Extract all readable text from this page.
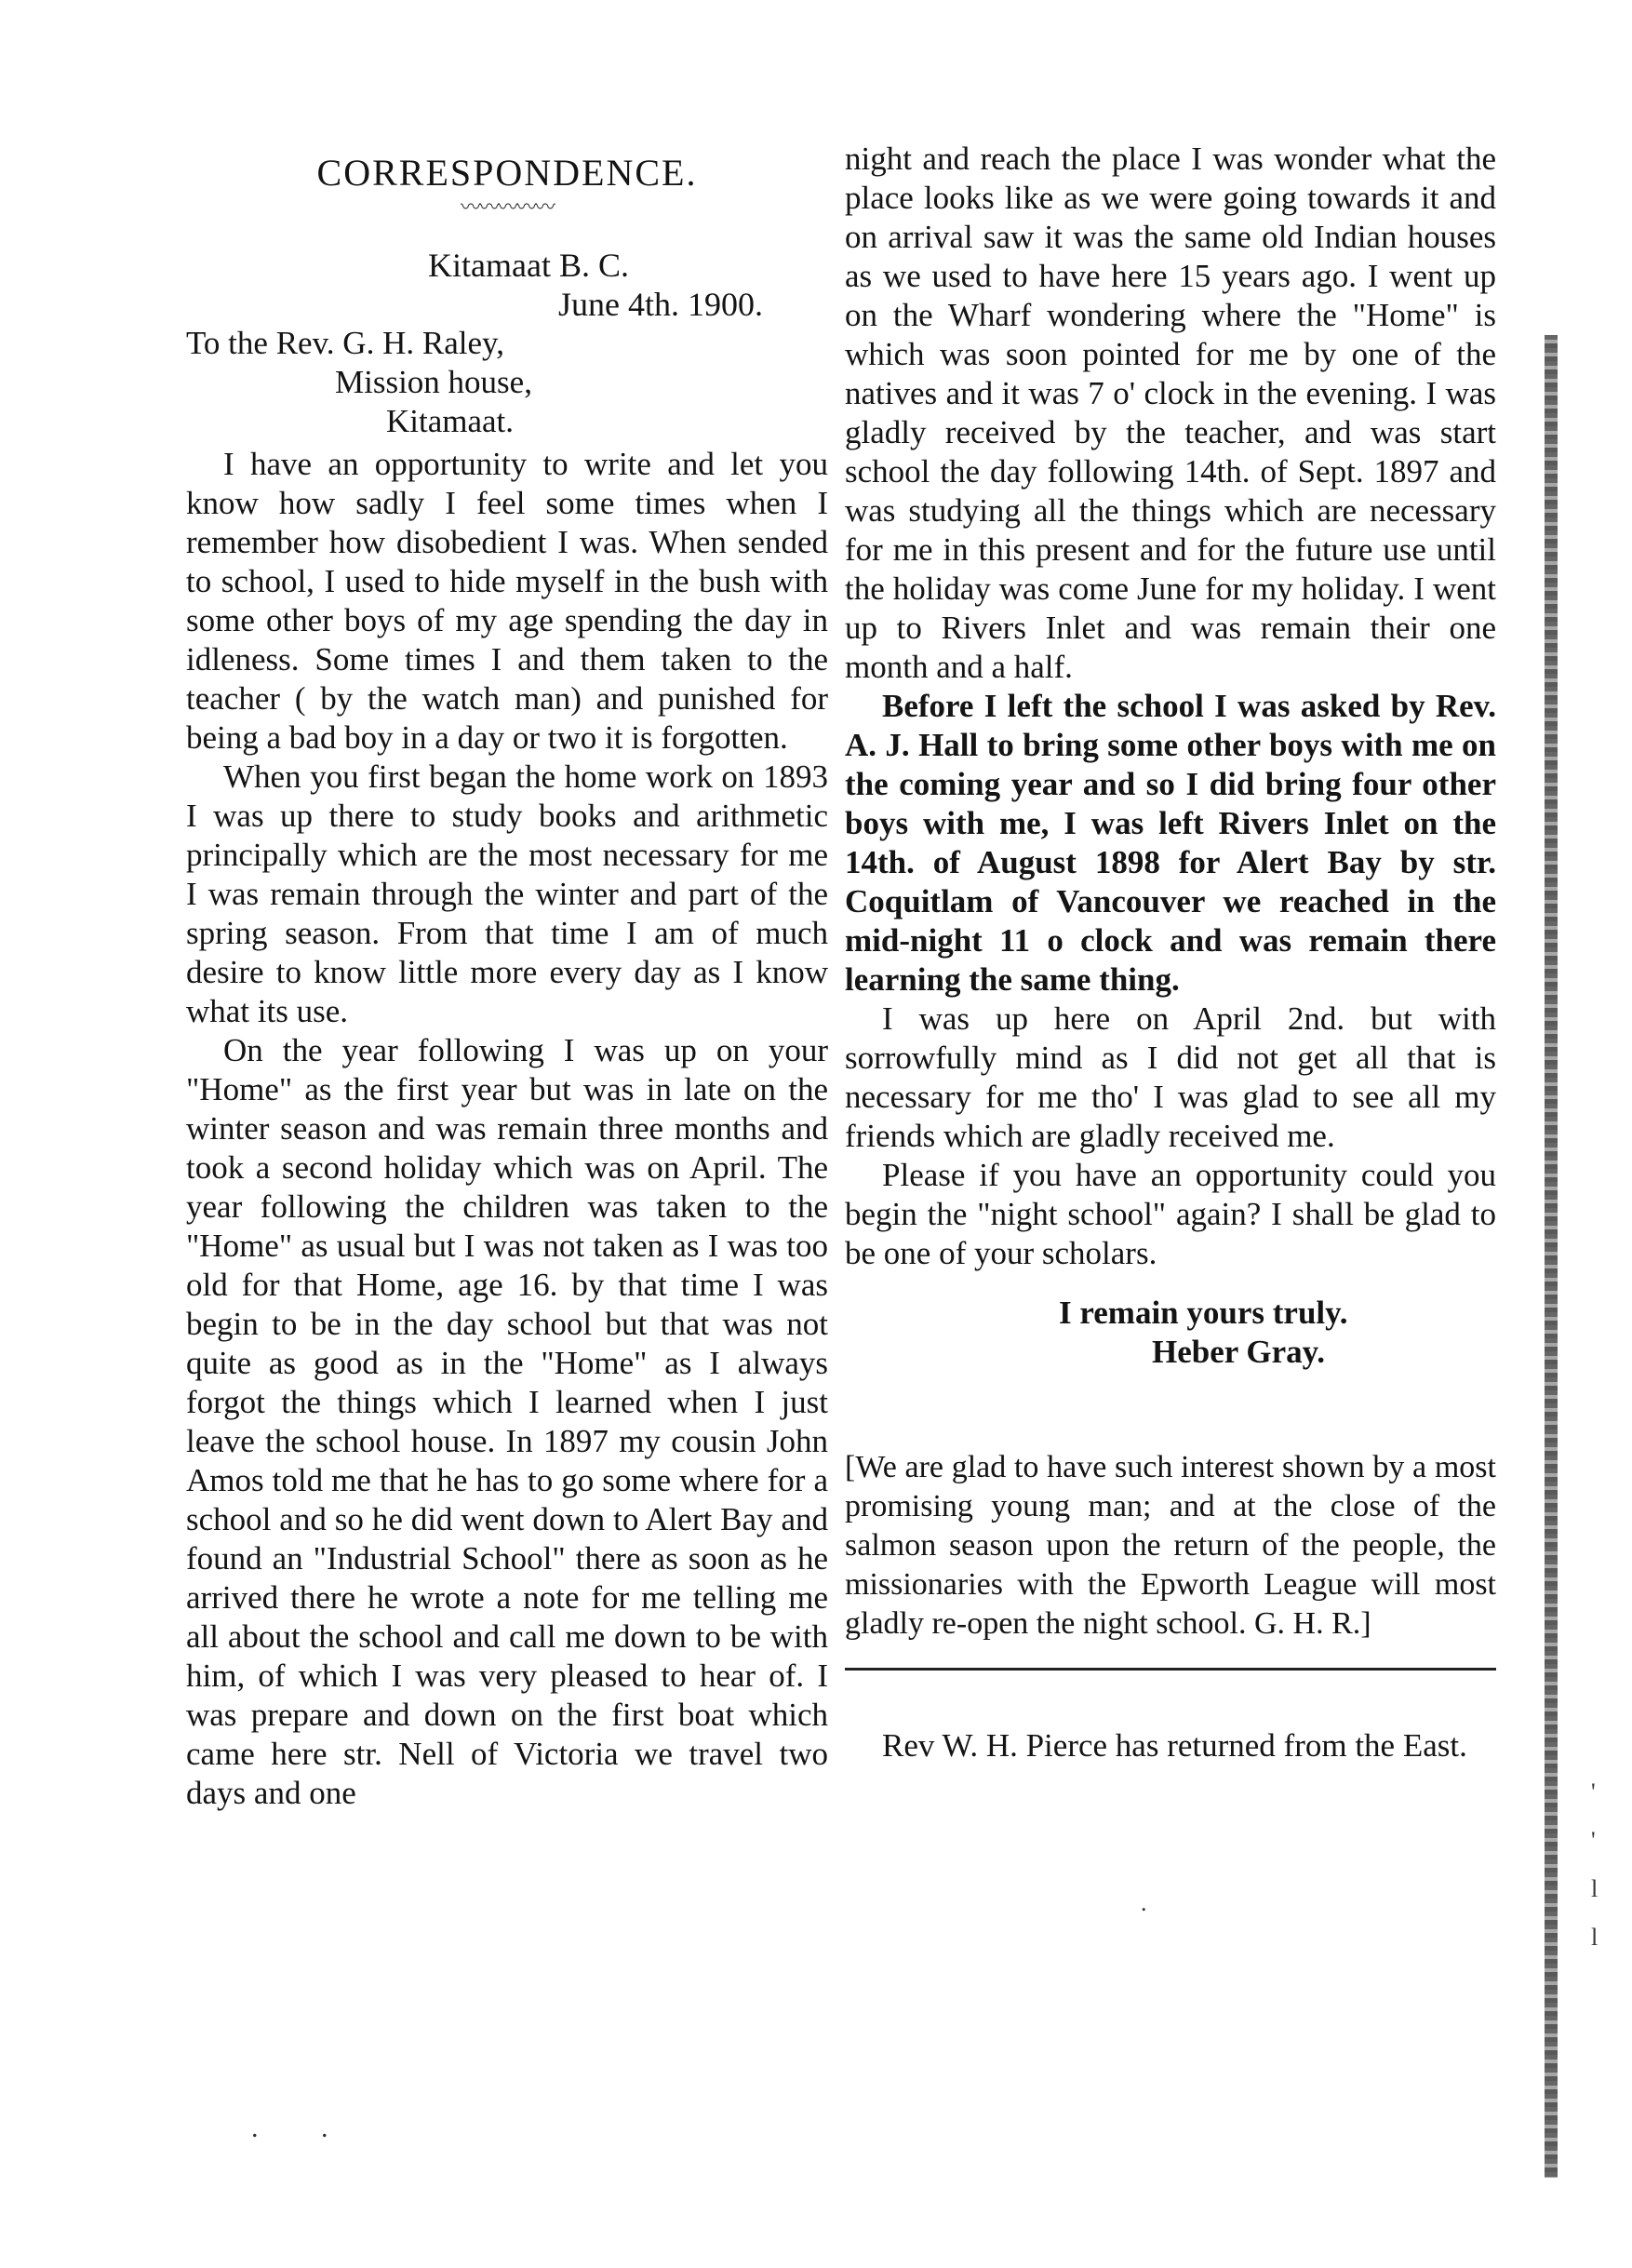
CORRESPONDENCE.

〰〰〰〰〰

Kitamaat B. C.

June 4th. 1900.

To the Rev. G. H. Raley,

Mission house,

Kitamaat.

I have an opportunity to write and let you know how sadly I feel some times when I remember how disobedient I was. When sended to school, I used to hide myself in the bush with some other boys of my age spending the day in idleness. Some times I and them taken to the teacher ( by the watch man) and punished for being a bad boy in a day or two it is forgotten.

When you first began the home work on 1893 I was up there to study books and arithmetic principally which are the most necessary for me I was remain through the winter and part of the spring season. From that time I am of much desire to know little more every day as I know what its use.

On the year following I was up on your "Home" as the first year but was in late on the winter season and was remain three months and took a second holiday which was on April. The year following the children was taken to the "Home" as usual but I was not taken as I was too old for that Home, age 16. by that time I was begin to be in the day school but that was not quite as good as in the "Home" as I always forgot the things which I learned when I just leave the school house. In 1897 my cousin John Amos told me that he has to go some where for a school and so he did went down to Alert Bay and found an "Industrial School" there as soon as he arrived there he wrote a note for me telling me all about the school and call me down to be with him, of which I was very pleased to hear of. I was prepare and down on the first boat which came here str. Nell of Victoria we travel two days and one

night and reach the place I was wonder what the place looks like as we were going towards it and on arrival saw it was the same old Indian houses as we used to have here 15 years ago. I went up on the Wharf wondering where the "Home" is which was soon pointed for me by one of the natives and it was 7 o' clock in the evening. I was gladly received by the teacher, and was start school the day following 14th. of Sept. 1897 and was studying all the things which are necessary for me in this present and for the future use until the holiday was come June for my holiday. I went up to Rivers Inlet and was remain their one month and a half.

Before I left the school I was asked by Rev. A. J. Hall to bring some other boys with me on the coming year and so I did bring four other boys with me, I was left Rivers Inlet on the 14th. of August 1898 for Alert Bay by str. Coquitlam of Vancouver we reached in the mid-night 11 o clock and was remain there learning the same thing.

I was up here on April 2nd. but with sorrowfully mind as I did not get all that is necessary for me tho' I was glad to see all my friends which are gladly received me.

Please if you have an opportunity could you begin the "night school" again? I shall be glad to be one of your scholars.

I remain yours truly.

Heber Gray.

[We are glad to have such interest shown by a most promising young man; and at the close of the salmon season upon the return of the people, the missionaries with the Epworth League will most gladly re-open the night school. G. H. R.]

Rev W. H. Pierce has returned from the East.

'
'
l
l
. .
.
